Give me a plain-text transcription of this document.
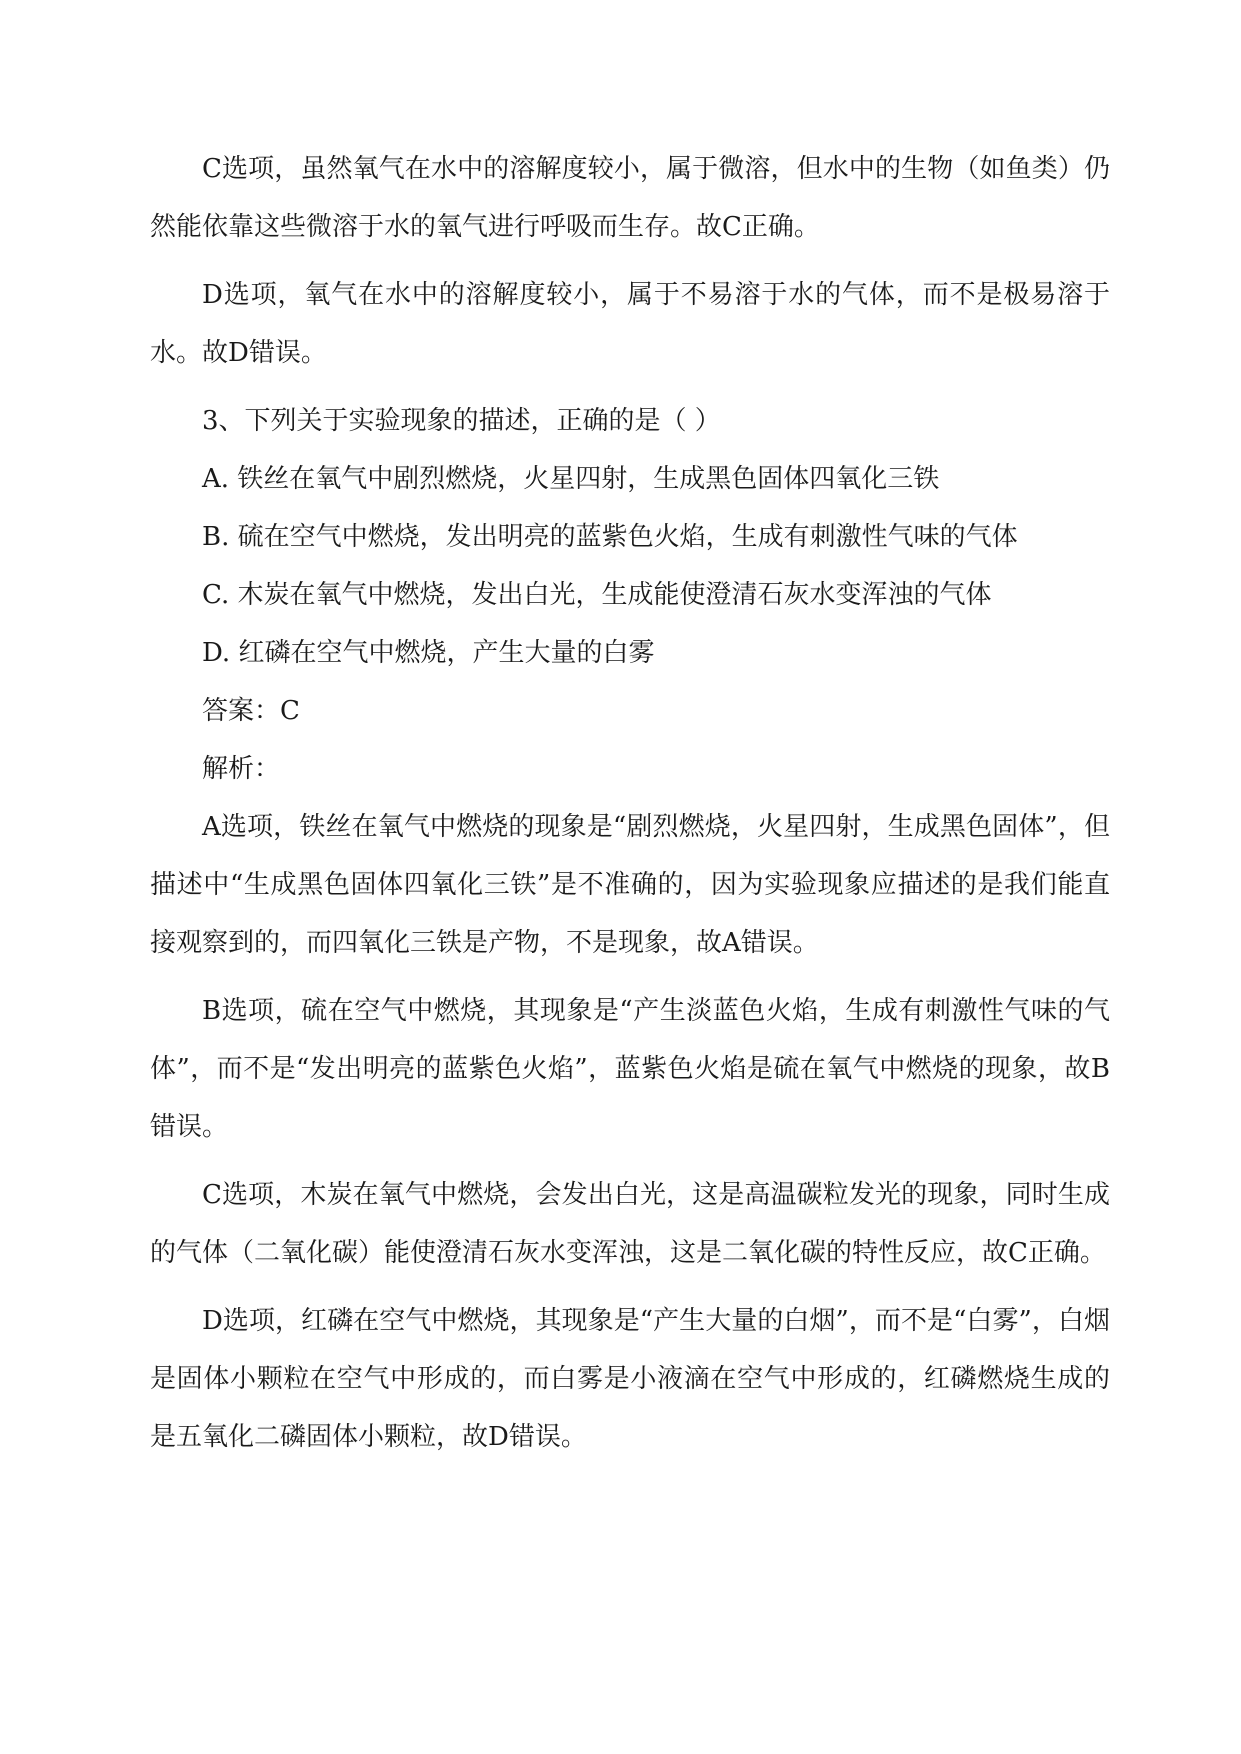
C选项，虽然氧气在水中的溶解度较小，属于微溶，但水中的生物（如鱼类）仍然能依靠这些微溶于水的氧气进行呼吸而生存。故C正确。

D选项，氧气在水中的溶解度较小，属于不易溶于水的气体，而不是极易溶于水。故D错误。

3、下列关于实验现象的描述，正确的是（ ）

A. 铁丝在氧气中剧烈燃烧，火星四射，生成黑色固体四氧化三铁

B. 硫在空气中燃烧，发出明亮的蓝紫色火焰，生成有刺激性气味的气体

C. 木炭在氧气中燃烧，发出白光，生成能使澄清石灰水变浑浊的气体

D. 红磷在空气中燃烧，产生大量的白雾

答案：C

解析：

A选项，铁丝在氧气中燃烧的现象是“剧烈燃烧，火星四射，生成黑色固体”，但描述中“生成黑色固体四氧化三铁”是不准确的，因为实验现象应描述的是我们能直接观察到的，而四氧化三铁是产物，不是现象，故A错误。

B选项，硫在空气中燃烧，其现象是“产生淡蓝色火焰，生成有刺激性气味的气体”，而不是“发出明亮的蓝紫色火焰”，蓝紫色火焰是硫在氧气中燃烧的现象，故B错误。

C选项，木炭在氧气中燃烧，会发出白光，这是高温碳粒发光的现象，同时生成的气体（二氧化碳）能使澄清石灰水变浑浊，这是二氧化碳的特性反应，故C正确。

D选项，红磷在空气中燃烧，其现象是“产生大量的白烟”，而不是“白雾”，白烟是固体小颗粒在空气中形成的，而白雾是小液滴在空气中形成的，红磷燃烧生成的是五氧化二磷固体小颗粒，故D错误。
